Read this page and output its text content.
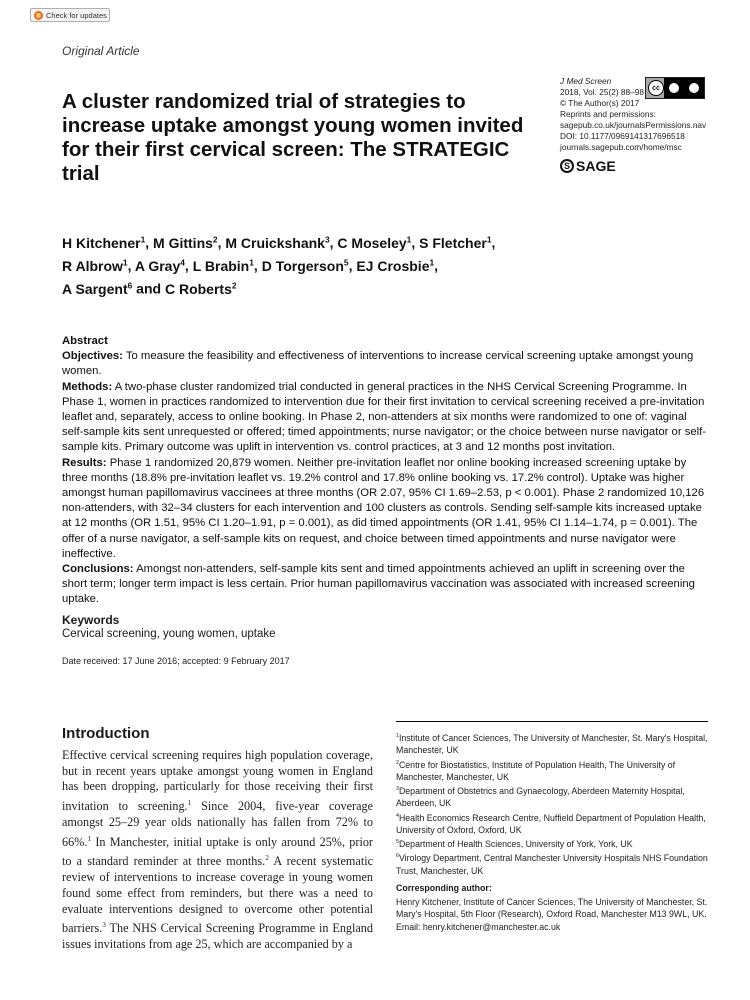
Check for updates
Original Article
A cluster randomized trial of strategies to increase uptake amongst young women invited for their first cervical screen: The STRATEGIC trial
J Med Screen
2018, Vol. 25(2) 88–98
© The Author(s) 2017
Reprints and permissions:
sagepub.co.uk/journalsPermissions.nav
DOI: 10.1177/0969141317696518
journals.sagepub.com/home/msc
cc
S SAGE
H Kitchener$^1$, M Gittins$^2$, M Cruickshank$^3$, C Moseley$^1$, S Fletcher$^1$,
R Albrow$^1$, A Gray$^4$, L Brabin$^1$, D Torgerson$^5$, EJ Crosbie$^1$,
A Sargent$^6$ and C Roberts$^2$

Abstract

Objectives: To measure the feasibility and effectiveness of interventions to increase cervical screening uptake amongst young women.

Methods: A two-phase cluster randomized trial conducted in general practices in the NHS Cervical Screening Programme. In Phase 1, women in practices randomized to intervention due for their first invitation to cervical screening received a pre-invitation leaflet and, separately, access to online booking. In Phase 2, non-attenders at six months were randomized to one of: vaginal self-sample kits sent unrequested or offered; timed appointments; nurse navigator; or the choice between nurse navigator or self-sample kits. Primary outcome was uplift in intervention vs. control practices, at 3 and 12 months post invitation.

Results: Phase 1 randomized 20,879 women. Neither pre-invitation leaflet nor online booking increased screening uptake by three months (18.8% pre-invitation leaflet vs. 19.2% control and 17.8% online booking vs. 17.2% control). Uptake was higher amongst human papillomavirus vaccinees at three months (OR 2.07, 95% CI 1.69–2.53, p < 0.001). Phase 2 randomized 10,126 non-attenders, with 32–34 clusters for each intervention and 100 clusters as controls. Sending self-sample kits increased uptake at 12 months (OR 1.51, 95% CI 1.20–1.91, p = 0.001), as did timed appointments (OR 1.41, 95% CI 1.14–1.74, p = 0.001). The offer of a nurse navigator, a self-sample kits on request, and choice between timed appointments and nurse navigator were ineffective.

Conclusions: Amongst non-attenders, self-sample kits sent and timed appointments achieved an uplift in screening over the short term; longer term impact is less certain. Prior human papillomavirus vaccination was associated with increased screening uptake.

Keywords
Cervical screening, young women, uptake
Date received: 17 June 2016; accepted: 9 February 2017
Introduction

Effective cervical screening requires high population coverage, but in recent years uptake amongst young women in England has been dropping, particularly for those receiving their first invitation to screening.$^1$ Since 2004, five-year coverage amongst 25–29 year olds nationally has fallen from 72% to 66%.$^1$ In Manchester, initial uptake is only around 25%, prior to a standard reminder at three months.$^2$ A recent systematic review of interventions to increase coverage in young women found some effect from reminders, but there was a need to evaluate interventions designed to overcome other potential barriers.$^3$ The NHS Cervical Screening Programme in England issues invitations from age 25, which are accompanied by a

$^1$Institute of Cancer Sciences, The University of Manchester, St. Mary's Hospital, Manchester, UK
$^2$Centre for Biostatistics, Institute of Population Health, The University of Manchester, Manchester, UK
$^3$Department of Obstetrics and Gynaecology, Aberdeen Maternity Hospital, Aberdeen, UK
$^4$Health Economics Research Centre, Nuffield Department of Population Health, University of Oxford, Oxford, UK
$^5$Department of Health Sciences, University of York, York, UK
$^6$Virology Department, Central Manchester University Hospitals NHS Foundation Trust, Manchester, UK
Corresponding author:
Henry Kitchener, Institute of Cancer Sciences, The University of Manchester, St. Mary's Hospital, 5th Floor (Research), Oxford Road, Manchester M13 9WL, UK.
Email: henry.kitchener@manchester.ac.uk
